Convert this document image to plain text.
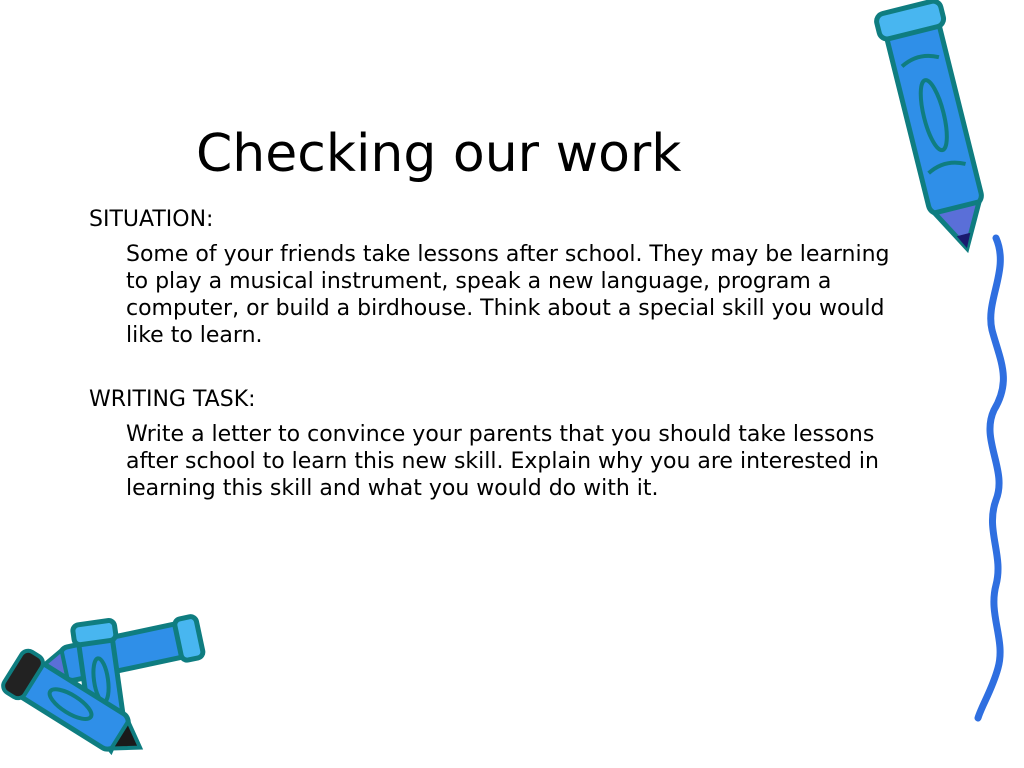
Checking our work

SITUATION:

Some of your friends take lessons after school. They may be learning to play a musical instrument, speak a new language, program a computer, or build a birdhouse. Think about a special skill you would like to learn.

WRITING TASK:

Write a letter to convince your parents that you should take lessons after school to learn this new skill. Explain why you are interested in learning this skill and what you would do with it.
